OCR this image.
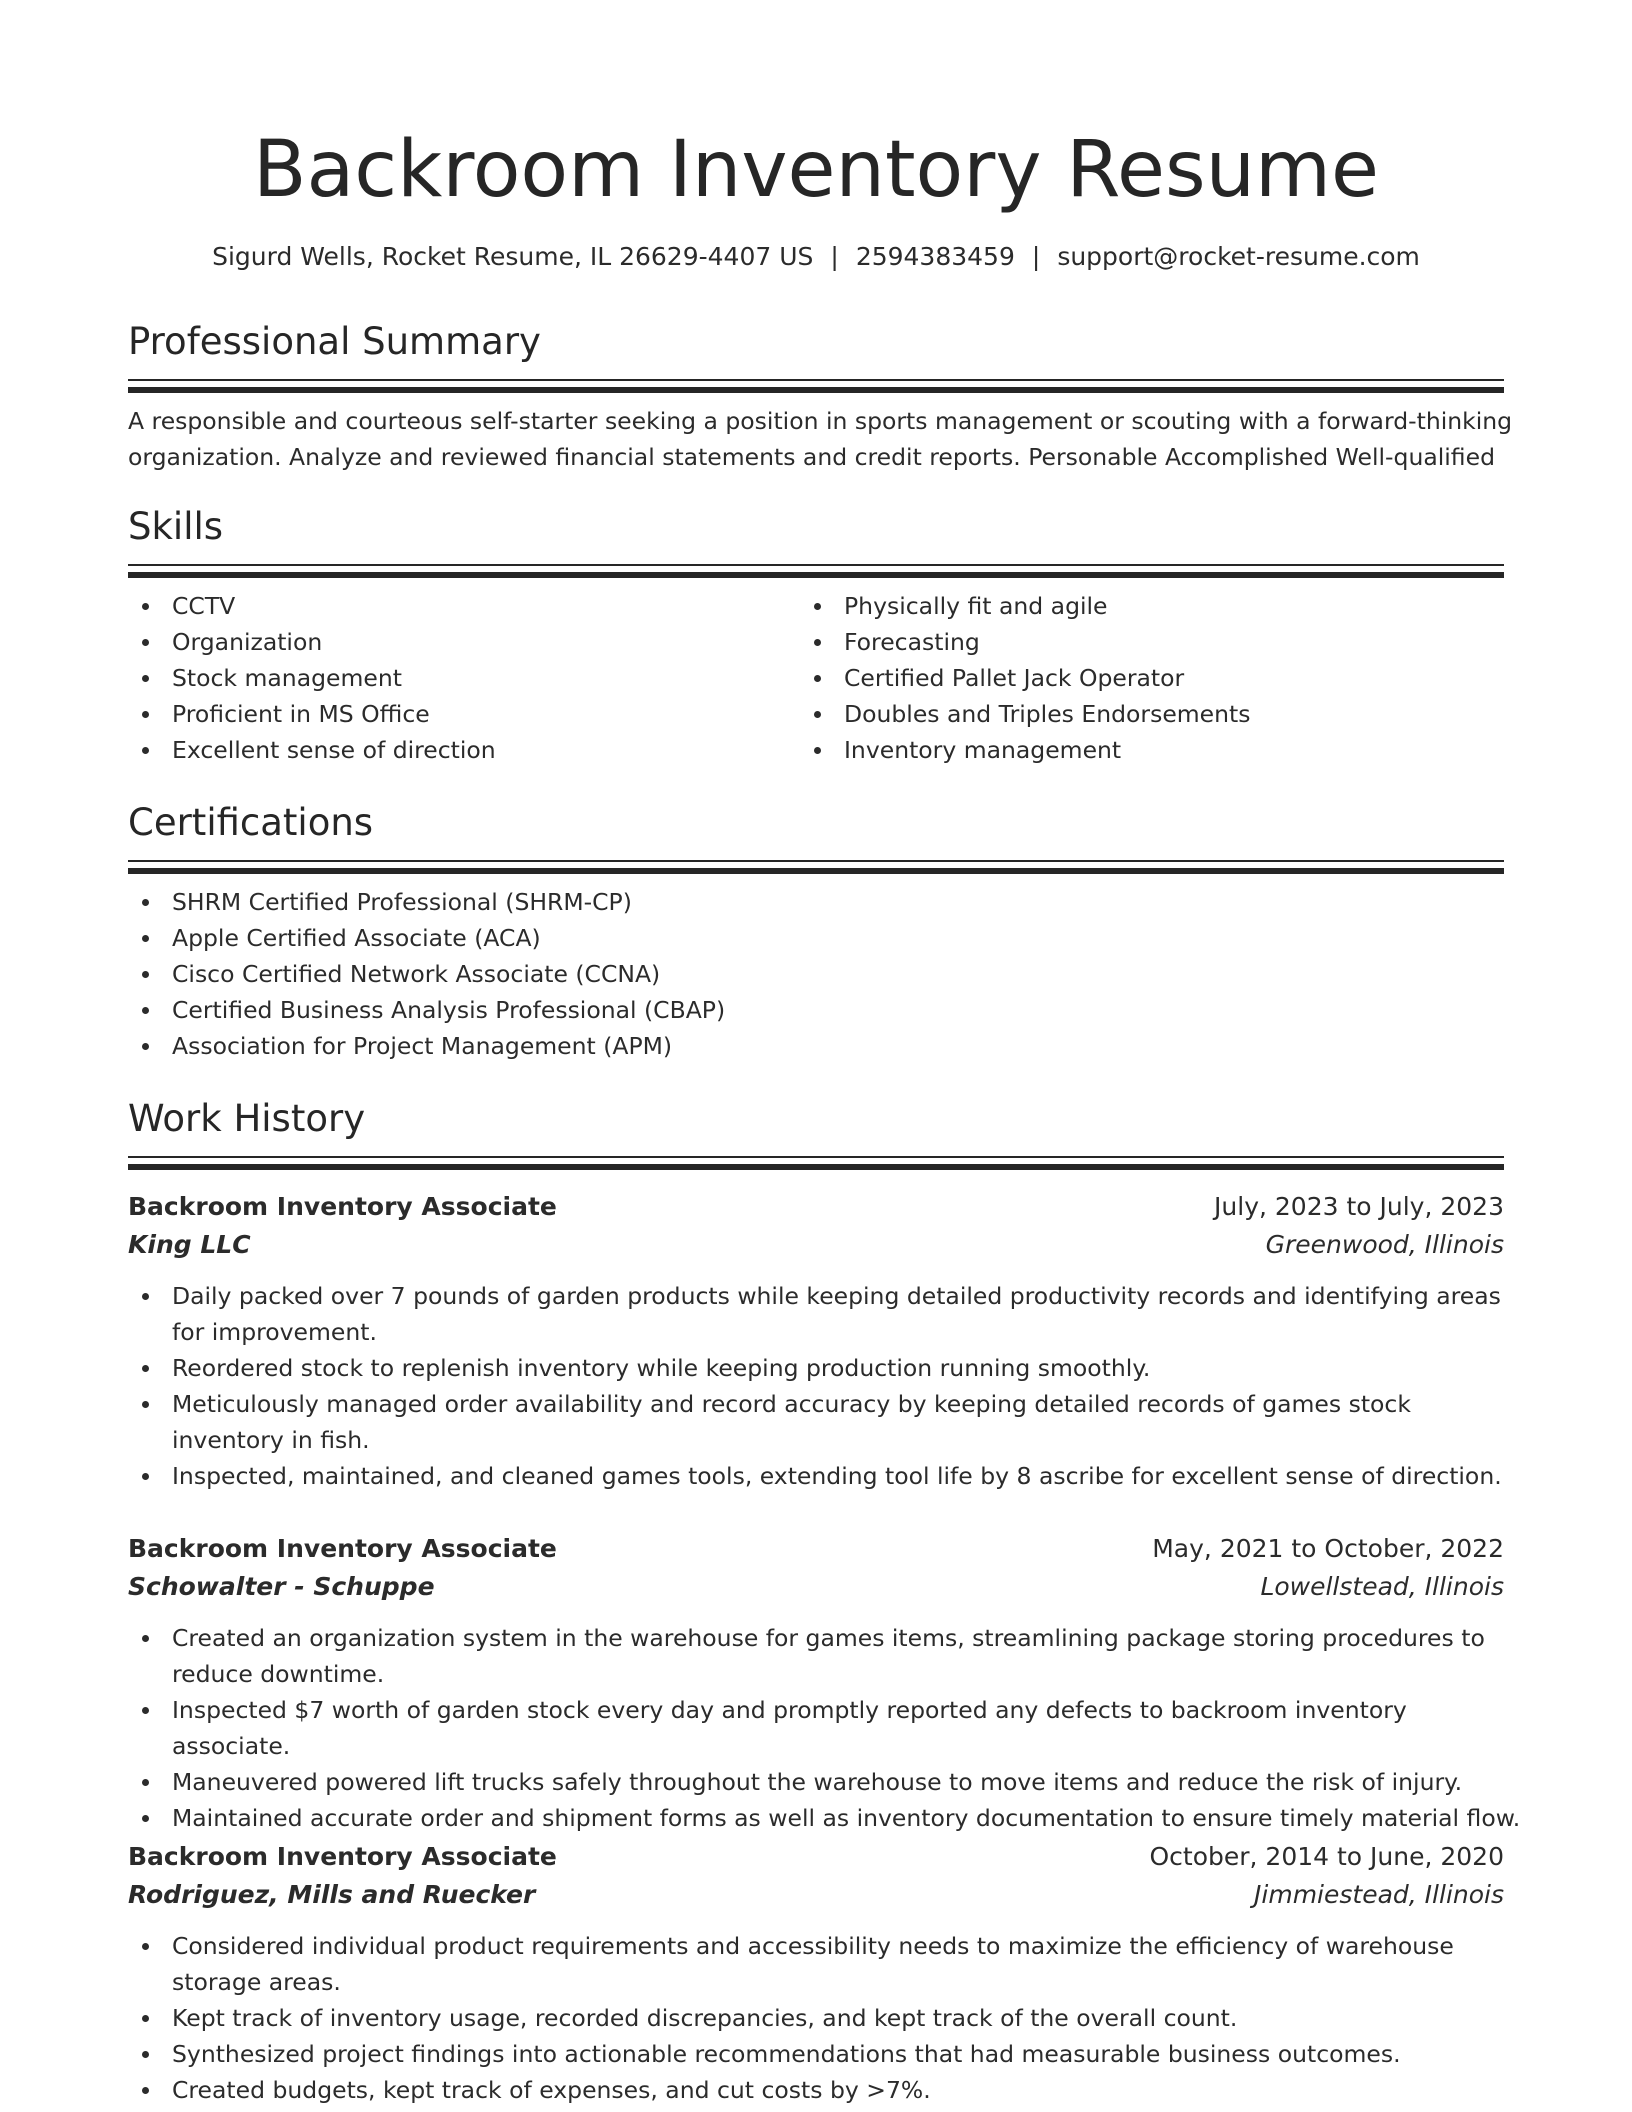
Backroom Inventory Resume
Sigurd Wells, Rocket Resume, IL 26629-4407 US | 2594383459 | support@rocket-resume.com
Professional Summary

A responsible and courteous self-starter seeking a position in sports management or scouting with a forward-thinking organization. Analyze and reviewed financial statements and credit reports. Personable Accomplished Well-qualified

Skills
CCTV
Organization
Stock management
Proficient in MS Office
Excellent sense of direction
Physically fit and agile
Forecasting
Certified Pallet Jack Operator
Doubles and Triples Endorsements
Inventory management
Certifications
SHRM Certified Professional (SHRM-CP)
Apple Certified Associate (ACA)
Cisco Certified Network Associate (CCNA)
Certified Business Analysis Professional (CBAP)
Association for Project Management (APM)
Work History
Backroom Inventory Associate	July, 2023 to July, 2023
King LLC	Greenwood, Illinois
Daily packed over 7 pounds of garden products while keeping detailed productivity records and identifying areas for improvement.
Reordered stock to replenish inventory while keeping production running smoothly.
Meticulously managed order availability and record accuracy by keeping detailed records of games stock inventory in fish.
Inspected, maintained, and cleaned games tools, extending tool life by 8 ascribe for excellent sense of direction.
Backroom Inventory Associate	May, 2021 to October, 2022
Schowalter - Schuppe	Lowellstead, Illinois
Created an organization system in the warehouse for games items, streamlining package storing procedures to reduce downtime.
Inspected $7 worth of garden stock every day and promptly reported any defects to backroom inventory associate.
Maneuvered powered lift trucks safely throughout the warehouse to move items and reduce the risk of injury.
Maintained accurate order and shipment forms as well as inventory documentation to ensure timely material flow.
Backroom Inventory Associate	October, 2014 to June, 2020
Rodriguez, Mills and Ruecker	Jimmiestead, Illinois
Considered individual product requirements and accessibility needs to maximize the efficiency of warehouse storage areas.
Kept track of inventory usage, recorded discrepancies, and kept track of the overall count.
Synthesized project findings into actionable recommendations that had measurable business outcomes.
Created budgets, kept track of expenses, and cut costs by >7%.
